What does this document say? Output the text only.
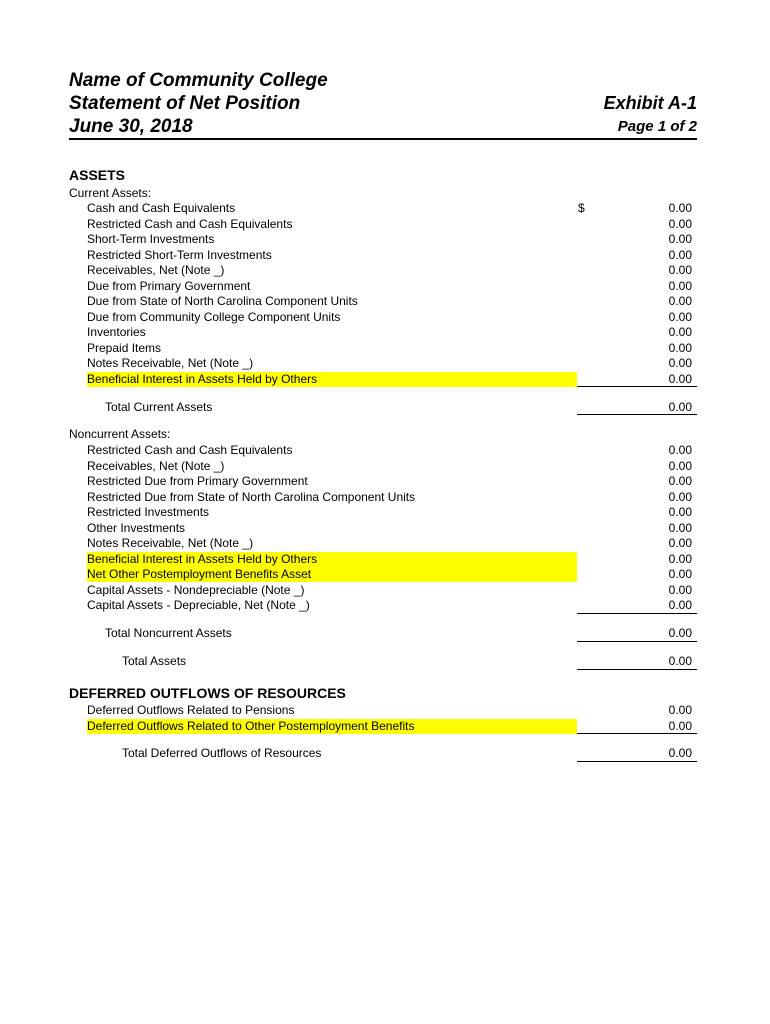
Name of Community College
Statement of Net Position
June 30, 2018
Exhibit A-1
Page 1 of 2
ASSETS
Current Assets:
Noncurrent Assets:
DEFERRED OUTFLOWS OF RESOURCES
Cash and Cash Equivalents	$	0.00
Restricted Cash and Cash Equivalents	0.00
Short-Term Investments	0.00
Restricted Short-Term Investments	0.00
Receivables, Net (Note _)	0.00
Due from Primary Government	0.00
Due from State of North Carolina Component Units	0.00
Due from Community College Component Units	0.00
Inventories	0.00
Prepaid Items	0.00
Notes Receivable, Net (Note _)	0.00
Beneficial Interest in Assets Held by Others	0.00
Total Current Assets	0.00
Restricted Cash and Cash Equivalents	0.00
Receivables, Net (Note _)	0.00
Restricted Due from Primary Government	0.00
Restricted Due from State of North Carolina Component Units	0.00
Restricted Investments	0.00
Other Investments	0.00
Notes Receivable, Net (Note _)	0.00
Beneficial Interest in Assets Held by Others	0.00
Net Other Postemployment Benefits Asset	0.00
Capital Assets - Nondepreciable (Note _)	0.00
Capital Assets - Depreciable, Net (Note _)	0.00
Total Noncurrent Assets	0.00
Total Assets	0.00
Deferred Outflows Related to Pensions	0.00
Deferred Outflows Related to Other Postemployment Benefits	0.00
Total Deferred Outflows of Resources	0.00
